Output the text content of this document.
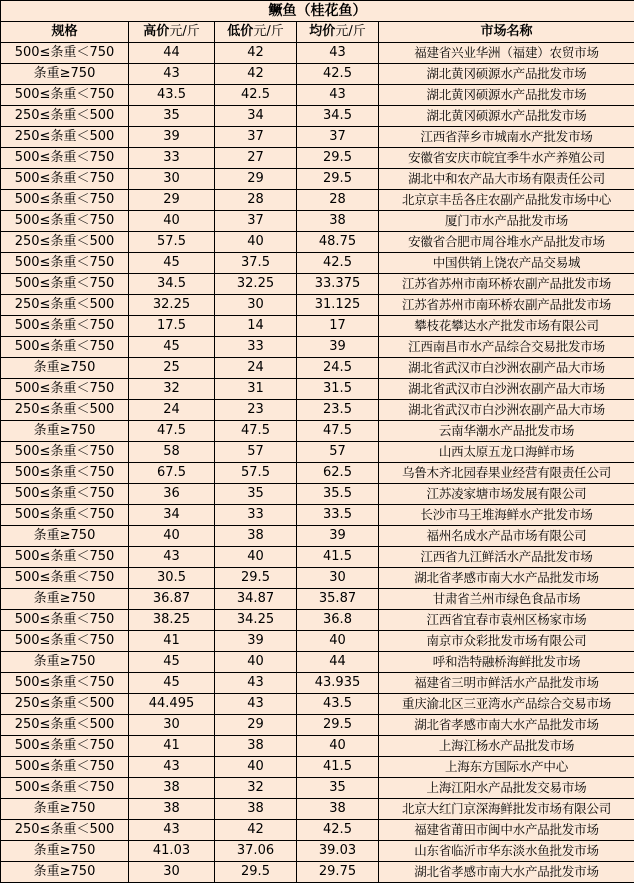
鳜鱼（桂花鱼）				
规格	高价元/斤	低价元/斤	均价元/斤	市场名称
500≤条重＜750	44	42	43	福建省兴业华洲（福建）农贸市场
条重≥750	43	42	42.5	湖北黄冈硕源水产品批发市场
500≤条重＜750	43.5	42.5	43	湖北黄冈硕源水产品批发市场
250≤条重＜500	35	34	34.5	湖北黄冈硕源水产品批发市场
250≤条重＜500	39	37	37	江西省萍乡市城南水产批发市场
500≤条重＜750	33	27	29.5	安徽省安庆市皖宜季牛水产养殖公司
500≤条重＜750	30	29	29.5	湖北中和农产品大市场有限责任公司
500≤条重＜750	29	28	28	北京京丰岳各庄农副产品批发市场中心
500≤条重＜750	40	37	38	厦门市水产品批发市场
250≤条重＜500	57.5	40	48.75	安徽省合肥市周谷堆水产品批发市场
500≤条重＜750	45	37.5	42.5	中国供销上饶农产品交易城
500≤条重＜750	34.5	32.25	33.375	江苏省苏州市南环桥农副产品批发市场
250≤条重＜500	32.25	30	31.125	江苏省苏州市南环桥农副产品批发市场
500≤条重＜750	17.5	14	17	攀枝花攀达水产批发市场有限公司
500≤条重＜750	45	33	39	江西南昌市水产品综合交易批发市场
条重≥750	25	24	24.5	湖北省武汉市白沙洲农副产品大市场
500≤条重＜750	32	31	31.5	湖北省武汉市白沙洲农副产品大市场
250≤条重＜500	24	23	23.5	湖北省武汉市白沙洲农副产品大市场
条重≥750	47.5	47.5	47.5	云南华潮水产品批发市场
500≤条重＜750	58	57	57	山西太原五龙口海鲜市场
500≤条重＜750	67.5	57.5	62.5	乌鲁木齐北园春果业经营有限责任公司
500≤条重＜750	36	35	35.5	江苏凌家塘市场发展有限公司
500≤条重＜750	34	33	33.5	长沙市马王堆海鲜水产批发市场
条重≥750	40	38	39	福州名成水产品市场有限公司
500≤条重＜750	43	40	41.5	江西省九江鲜活水产品批发市场
500≤条重＜750	30.5	29.5	30	湖北省孝感市南大水产品批发市场
条重≥750	36.87	34.87	35.87	甘肃省兰州市绿色食品市场
500≤条重＜750	38.25	34.25	36.8	江西省宜春市袁州区杨家市场
500≤条重＜750	41	39	40	南京市众彩批发市场有限公司
条重≥750	45	40	44	呼和浩特融桥海鲜批发市场
500≤条重＜750	45	43	43.935	福建省三明市鲜活水产品批发市场
250≤条重＜500	44.495	43	43.5	重庆渝北区三亚湾水产品综合交易市场
250≤条重＜500	30	29	29.5	湖北省孝感市南大水产品批发市场
500≤条重＜750	41	38	40	上海江杨水产品批发市场
500≤条重＜750	43	40	41.5	上海东方国际水产中心
500≤条重＜750	38	32	35	上海江阳水产品批发交易市场
条重≥750	38	38	38	北京大红门京深海鲜批发市场有限公司
250≤条重＜500	43	42	42.5	福建省莆田市闽中水产品批发市场
条重≥750	41.03	37.06	39.03	山东省临沂市华东淡水鱼批发市场
条重≥750	30	29.5	29.75	湖北省孝感市南大水产品批发市场
